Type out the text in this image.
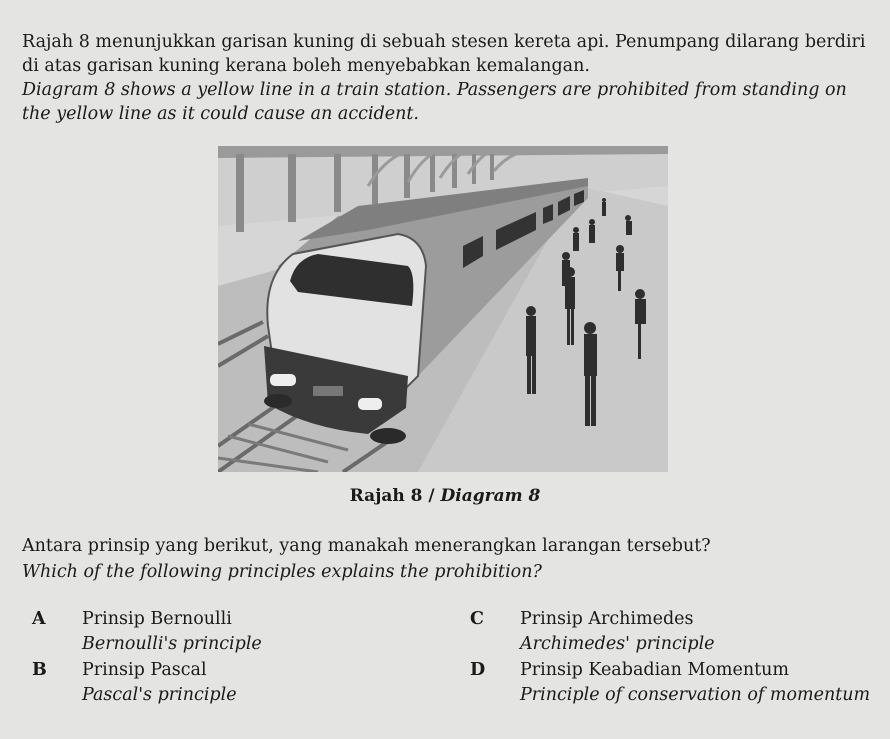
Rajah 8 menunjukkan garisan kuning di sebuah stesen kereta api. Penumpang dilarang berdiri di atas garisan kuning kerana boleh menyebabkan kemalangan.

Diagram 8 shows a yellow line in a train station. Passengers are prohibited from standing on the yellow line as it could cause an accident.

Rajah 8 / Diagram 8

Antara prinsip yang berikut, yang manakah menerangkan larangan tersebut?

Which of the following principles explains the prohibition?

A	Prinsip Bernoulli
Bernoulli's principle
B	Prinsip Pascal
Pascal's principle
C	Prinsip Archimedes
Archimedes' principle
D	Prinsip Keabadian Momentum
Principle of conservation of momentum
